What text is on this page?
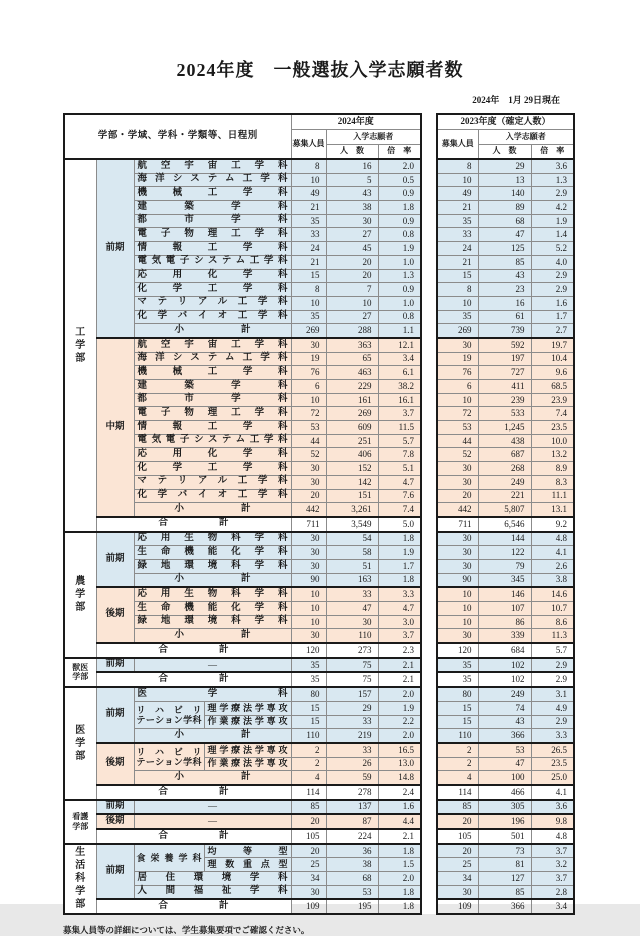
2024年度　一般選抜入学志願者数
2024年　1月 29日現在
学部・学域、学科・学類等、日程別				2024年度				2023年度（確定人数）		
				募集人員	入学志願者			募集人員	入学志願者	
					人　数	倍　率			人　数	倍　率

工
学
部	前期	航空宇宙工学科		8	16	2.0		8	29	3.6
		海洋システム工学科		10	5	0.5		10	13	1.3
		機械工学科		49	43	0.9		49	140	2.9
		建築学科		21	38	1.8		21	89	4.2
		都市学科		35	30	0.9		35	68	1.9
		電子物理工学科		33	27	0.8		33	47	1.4
		情報工学科		24	45	1.9		24	125	5.2
		電気電子システム工学科		21	20	1.0		21	85	4.0
		応用化学科		15	20	1.3		15	43	2.9
		化学工学科		8	7	0.9		8	23	2.9
		マテリアル工学科		10	10	1.0		10	16	1.6
		化学バイオ工学科		35	27	0.8		35	61	1.7
		小計		269	288	1.1		269	739	2.7
	中期	航空宇宙工学科		30	363	12.1		30	592	19.7
		海洋システム工学科		19	65	3.4		19	197	10.4
		機械工学科		76	463	6.1		76	727	9.6
		建築学科		6	229	38.2		6	411	68.5
		都市学科		10	161	16.1		10	239	23.9
		電子物理工学科		72	269	3.7		72	533	7.4
		情報工学科		53	609	11.5		53	1,245	23.5
		電気電子システム工学科		44	251	5.7		44	438	10.0
		応用化学科		52	406	7.8		52	687	13.2
		化学工学科		30	152	5.1		30	268	8.9
		マテリアル工学科		30	142	4.7		30	249	8.3
		化学バイオ工学科		20	151	7.6		20	221	11.1
		小計		442	3,261	7.4		442	5,807	13.1
	合計			711	3,549	5.0		711	6,546	9.2

農
学
部	前期	応用生物科学科		30	54	1.8		30	144	4.8
		生命機能化学科		30	58	1.9		30	122	4.1
		緑地環境科学科		30	51	1.7		30	79	2.6
		小計		90	163	1.8		90	345	3.8
	後期	応用生物科学科		10	33	3.3		10	146	14.6
		生命機能化学科		10	47	4.7		10	107	10.7
		緑地環境科学科		10	30	3.0		10	86	8.6
		小計		30	110	3.7		30	339	11.3
	合計			120	273	2.3		120	684	5.7

獣医
学部	前期	—		35	75	2.1		35	102	2.9
	合計			35	75	2.1		35	102	2.9

医
学
部	前期	医学科		80	157	2.0		80	249	3.1

		リハビリ
テーション学科	理学療法学専攻	15	29	1.9		15	74	4.9
			作業療法学専攻	15	33	2.2		15	43	2.9
		小計		110	219	2.0		110	366	3.3
	後期	リハビリ
テーション学科	理学療法学専攻	2	33	16.5		2	53	26.5
			作業療法学専攻	2	26	13.0		2	47	23.5
		小計		4	59	14.8		4	100	25.0
	合計			114	278	2.4		114	466	4.1

看護
学部	前期	—		85	137	1.6		85	305	3.6
	後期	—		20	87	4.4		20	196	9.8
	合計			105	224	2.1		105	501	4.8

生
活
科
学
部	前期	食栄養学科	均等型	20	36	1.8		20	73	3.7
			理数重点型	25	38	1.5		25	81	3.2
		居住環境学科		34	68	2.0		34	127	3.7
		人間福祉学科		30	53	1.8		30	85	2.8
	合計			109	195	1.8		109	366	3.4
募集人員等の詳細については、学生募集要項でご確認ください。
